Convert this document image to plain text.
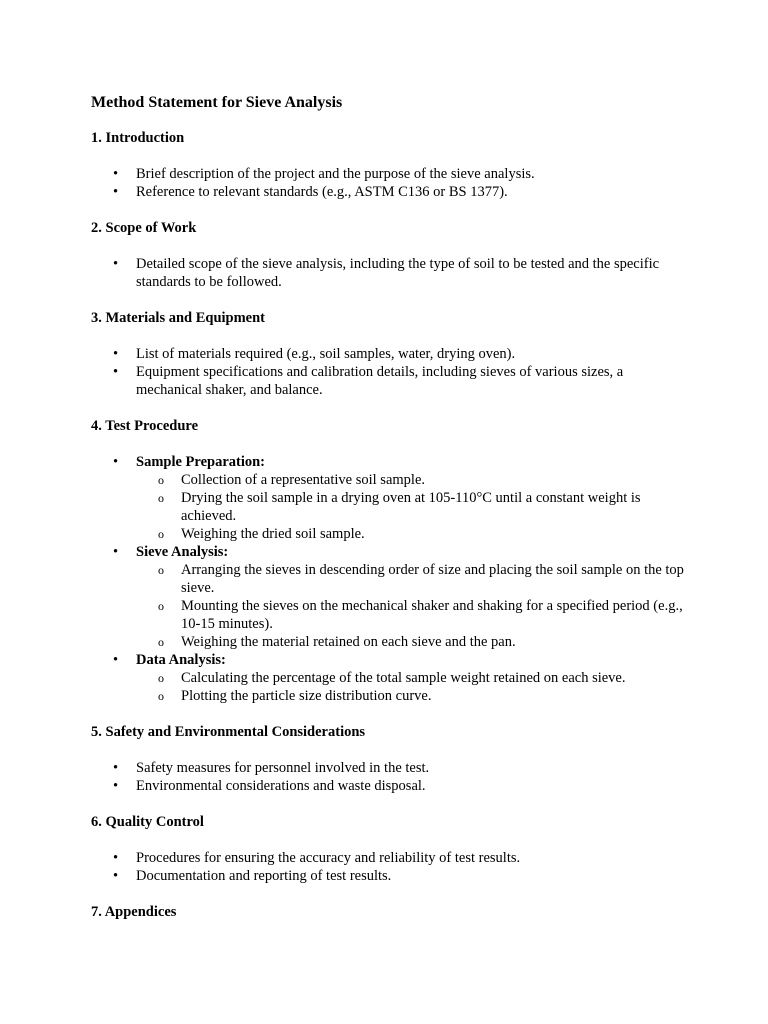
Method Statement for Sieve Analysis
1. Introduction
•
Brief description of the project and the purpose of the sieve analysis.
•
Reference to relevant standards (e.g., ASTM C136 or BS 1377).
2. Scope of Work
•
Detailed scope of the sieve analysis, including the type of soil to be tested and the specific standards to be followed.
3. Materials and Equipment
•
List of materials required (e.g., soil samples, water, drying oven).
•
Equipment specifications and calibration details, including sieves of various sizes, a mechanical shaker, and balance.
4. Test Procedure
•
Sample Preparation:
o
Collection of a representative soil sample.
o
Drying the soil sample in a drying oven at 105-110°C until a constant weight is achieved.
o
Weighing the dried soil sample.
•
Sieve Analysis:
o
Arranging the sieves in descending order of size and placing the soil sample on the top sieve.
o
Mounting the sieves on the mechanical shaker and shaking for a specified period (e.g., 10-15 minutes).
o
Weighing the material retained on each sieve and the pan.
•
Data Analysis:
o
Calculating the percentage of the total sample weight retained on each sieve.
o
Plotting the particle size distribution curve.
5. Safety and Environmental Considerations
•
Safety measures for personnel involved in the test.
•
Environmental considerations and waste disposal.
6. Quality Control
•
Procedures for ensuring the accuracy and reliability of test results.
•
Documentation and reporting of test results.
7. Appendices
